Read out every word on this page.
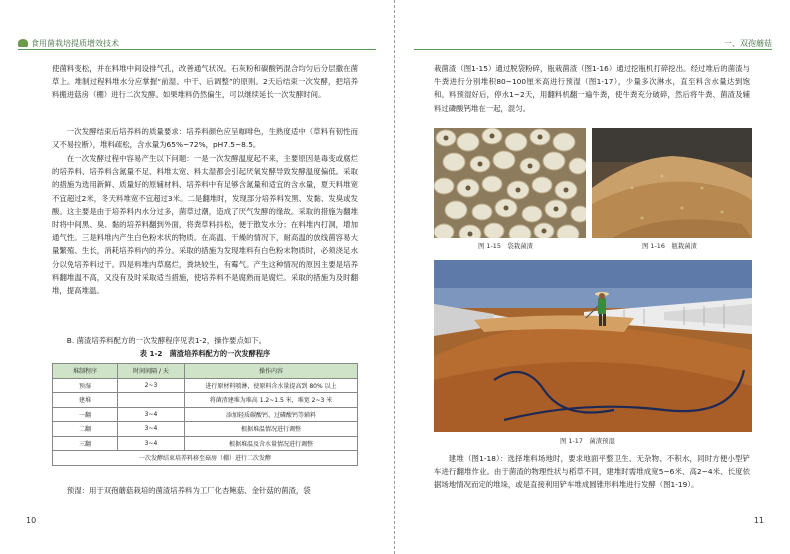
食用菌栽培提质增效技术
使菌料变松，并在料堆中间设排气孔，改善通气状况。石灰粉和碳酸钙混合均匀后分层撒在菌草上。堆制过程料堆水分应掌握“前湿、中干、后调整”的原则。2天后结束一次发酵，把培养料搬进菇房（棚）进行二次发酵。如果堆料仍然偏生，可以继续延长一次发酵时间。
一次发酵结束后培养料的质量要求：培养料颜色应呈咖啡色，生熟度适中（草料有韧性而又不易拉断），堆料疏松，含水量为65%~72%，pH7.5~8.5。
在一次发酵过程中容易产生以下问题：一是一次发酵温度起不来，主要原因是毒变或腐烂的培养料、培养料含氮量不足、料堆太宽、料太湿都会引起厌氧发酵导致发酵温度偏低。采取的措施为选用新鲜、质量好的原辅材料、培养料中有足够含氮量和适宜的含水量，夏天料堆宽不宜超过2米，冬天料堆宽不宜超过3米。二是翻堆时，发现部分培养料发黑、发黏、发臭或发酸。这主要是由于培养料内水分过多，菌草过潮，造成了厌气发酵的缘故。采取的措施为翻堆时将中间黑、臭、黏的培养料翻到外面，将粪草料抖松，便于散发水分；在料堆内打洞，增加通气性。三是料堆内产生白色粉末状的物质。在高温、干燥的情况下，耐高温的放线菌容易大量繁殖、生长，消耗培养料内的养分。采取的措施为发现堆料有白色粉末物质时，必须浇足水分以免培养料过干。四是料堆内草腐烂，粪块较生，有霉气。产生这种情况的原因主要是培养料翻堆温不高，又没有及时采取适当措施，使培养料不是腐熟而是腐烂。采取的措施为及时翻堆，提高堆温。
B. 菌渣培养料配方的一次发酵程序见表1-2，操作要点如下。
表 1-2　菌渣培养料配方的一次发酵程序
堆制程序	时间间隔 / 天	操作内容
预湿	2~3	进行原材料喷淋，使原料含水量提高到 80% 以上
建堆		将菌渣建堆为堆高 1.2~1.5 米，堆宽 2~3 米
一翻	3~4	添加轻质碳酸钙、过磷酸钙等辅料
二翻	3~4	根据堆温情况进行调整
三翻	3~4	根据堆温及含水量情况进行调整
一次发酵结束培养料移至菇房（棚）进行二次发酵		
预湿：用于双孢蘑菇栽培的菌渣培养料为工厂化杏鲍菇、金针菇的菌渣，袋
10
一、双孢蘑菇
栽菌渣（图1-15）通过脱袋粉碎，瓶栽菌渣（图1-16）通过挖瓶机打碎挖出。经过堆后的菌渣与牛粪进行分别堆积80~100厘米高进行预湿（图1-17），少量多次淋水，直至料含水量达到饱和。料预湿好后，停水1~2天，用翻料机翻一遍牛粪，使牛粪充分破碎，然后将牛粪、菌渣及辅料过磷酸钙堆在一起，混匀。
图 1-15　袋栽菌渣	图 1-16　瓶栽菌渣
图 1-17　菌渣预湿
建堆（图1-18）：选择堆料场地时，要求地面平整卫生、无杂物、不积水，同时方便小型铲车进行翻堆作业。由于菌渣的物理性状与稻草不同，建堆时需堆成宽5~6米、高2~4米、长度依据场地情况而定的堆垛，或是直接利用铲车堆成圆锥形料堆进行发酵（图1-19）。
11
